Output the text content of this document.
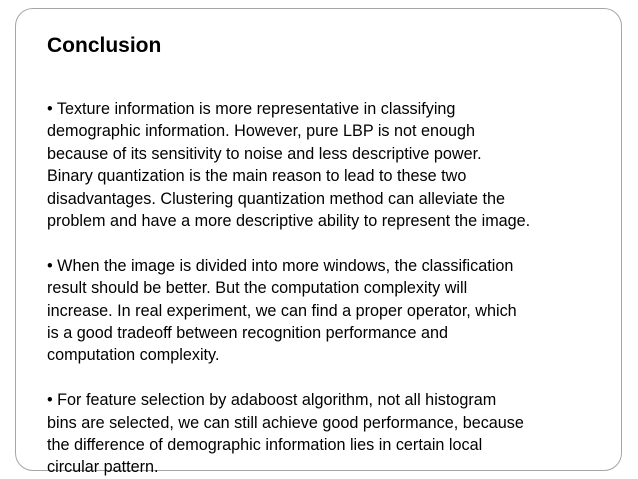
Conclusion

• Texture information is more representative in classifying
demographic information. However, pure LBP is not enough
because of its sensitivity to noise and less descriptive power.
Binary quantization is the main reason to lead to these two
disadvantages. Clustering quantization method can alleviate the
problem and have a more descriptive ability to represent the image.

• When the image is divided into more windows, the classification
result should be better. But the computation complexity will
increase. In real experiment, we can find a proper operator, which
is a good tradeoff between recognition performance and
computation complexity.

• For feature selection by adaboost algorithm, not all histogram
bins are selected, we can still achieve good performance, because
the difference of demographic information lies in certain local
circular pattern.
